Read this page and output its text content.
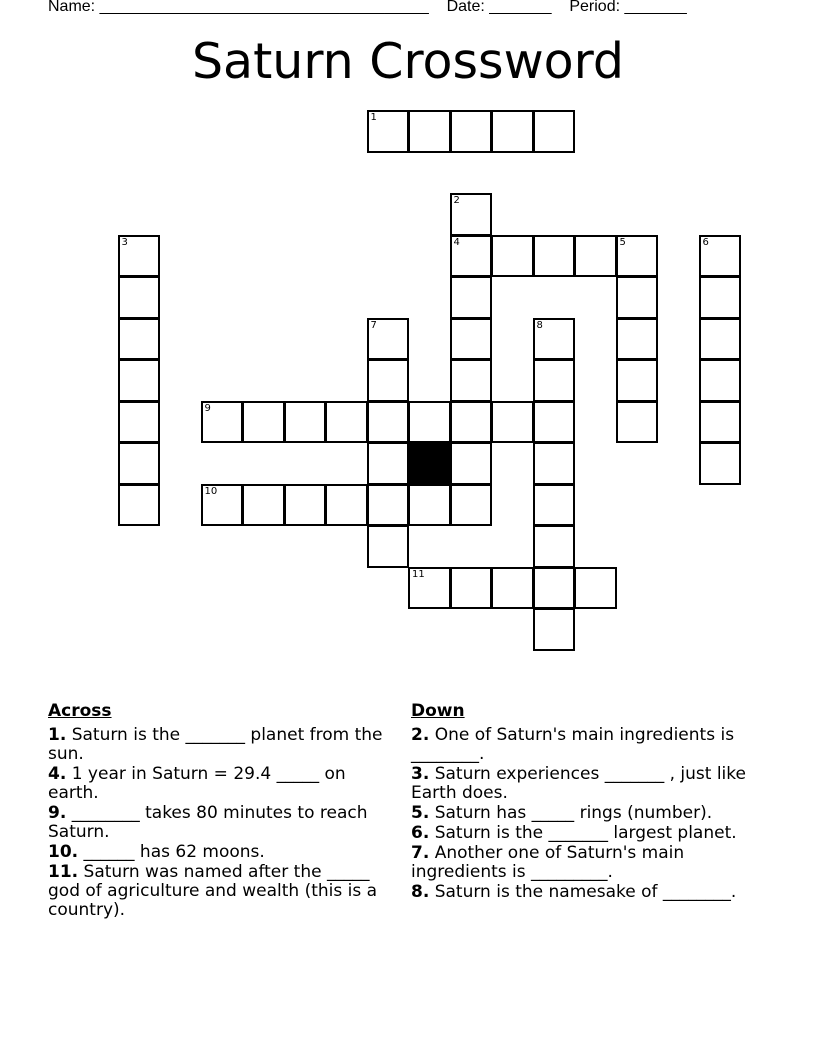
Name: _____________________________________    Date: _______    Period: _______
Saturn Crossword
1
2
3	4	5	6
7	8
9
10
11
Across
1. Saturn is the _______ planet from the sun.
4. 1 year in Saturn = 29.4 _____ on earth.
9. ________ takes 80 minutes to reach Saturn.
10. ______ has 62 moons.
11. Saturn was named after the _____ god of agriculture and wealth (this is a country).
Down
2. One of Saturn's main ingredients is ________.
3. Saturn experiences _______ , just like Earth does.
5. Saturn has _____ rings (number).
6. Saturn is the _______ largest planet.
7. Another one of Saturn's main ingredients is _________.
8. Saturn is the namesake of ________.
